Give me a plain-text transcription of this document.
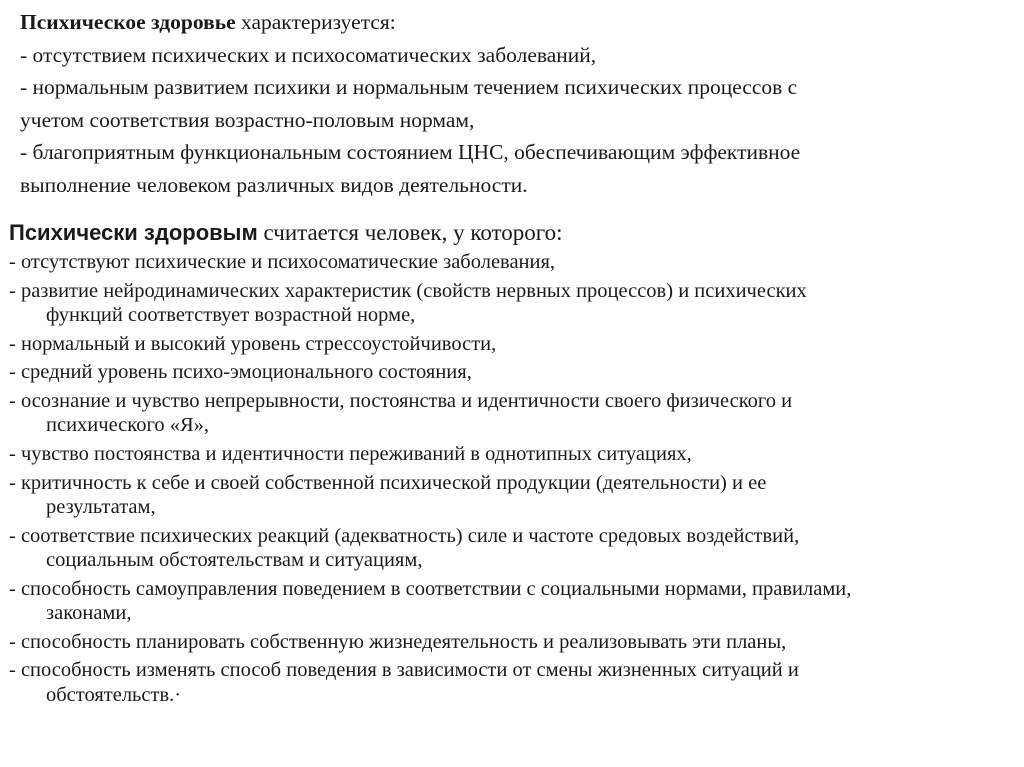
Психическое здоровье характеризуется:
- отсутствием психических и психосоматических заболеваний,
- нормальным развитием психики и нормальным течением психических процессов с
учетом соответствия возрастно-половым нормам,
- благоприятным функциональным состоянием ЦНС, обеспечивающим эффективное
выполнение человеком различных видов деятельности.
Психически здоровым считается человек, у которого:
- отсутствуют психические и психосоматические заболевания,
- развитие нейродинамических характеристик (свойств нервных процессов) и психических
функций соответствует возрастной норме,
- нормальный и высокий уровень стрессоустойчивости,
- средний уровень психо-эмоционального состояния,
- осознание и чувство непрерывности, постоянства и идентичности своего физического и
психического «Я»,
- чувство постоянства и идентичности переживаний в однотипных ситуациях,
- критичность к себе и своей собственной психической продукции (деятельности) и ее
результатам,
- соответствие психических реакций (адекватность) силе и частоте средовых воздействий,
социальным обстоятельствам и ситуациям,
- способность самоуправления поведением в соответствии с социальными нормами, правилами,
законами,
- способность планировать собственную жизнедеятельность и реализовывать эти планы,
- способность изменять способ поведения в зависимости от смены жизненных ситуаций и
обстоятельств.·
